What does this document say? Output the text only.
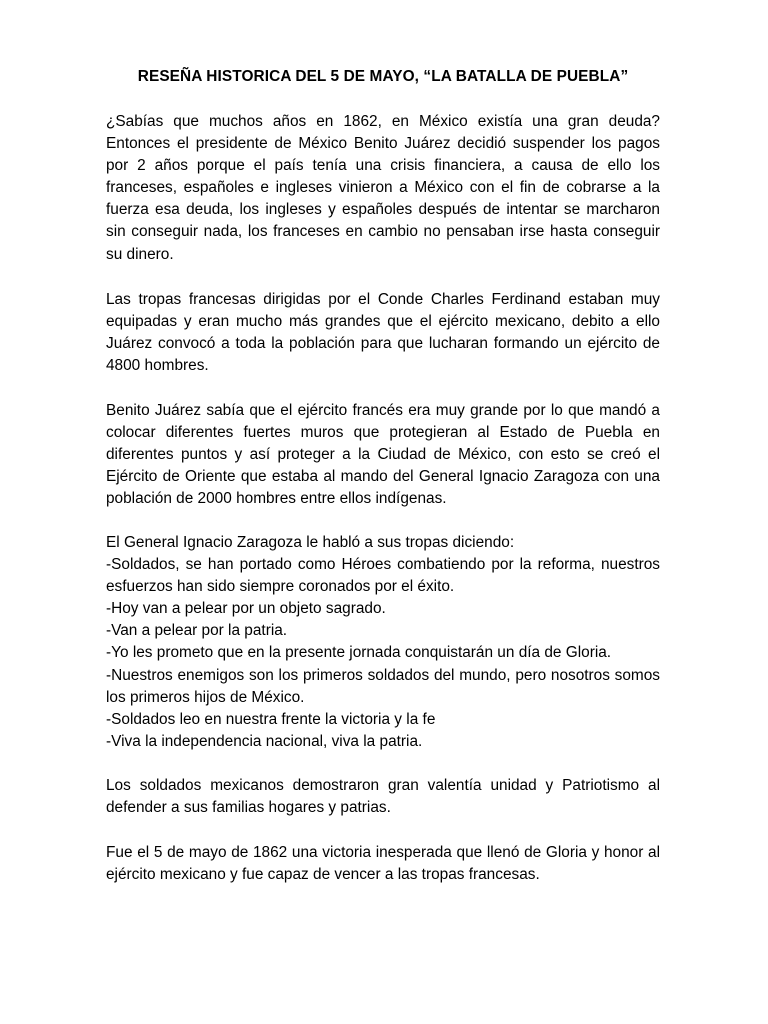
RESEÑA HISTORICA DEL 5 DE MAYO, “LA BATALLA DE PUEBLA”

¿Sabías que muchos años en 1862, en México existía una gran deuda? Entonces el presidente de México Benito Juárez decidió suspender los pagos por 2 años porque el país tenía una crisis financiera, a causa de ello los franceses, españoles e ingleses vinieron a México con el fin de cobrarse a la fuerza esa deuda, los ingleses y españoles después de intentar se marcharon sin conseguir nada, los franceses en cambio no pensaban irse hasta conseguir su dinero.

Las tropas francesas dirigidas por el Conde Charles Ferdinand estaban muy equipadas y eran mucho más grandes que el ejército mexicano, debito a ello Juárez convocó a toda la población para que lucharan formando un ejército de 4800 hombres.

Benito Juárez sabía que el ejército francés era muy grande por lo que mandó a colocar diferentes fuertes muros que protegieran al Estado de Puebla en diferentes puntos y así proteger a la Ciudad de México, con esto se creó el Ejército de Oriente que estaba al mando del General Ignacio Zaragoza con una población de 2000 hombres entre ellos indígenas.

El General Ignacio Zaragoza le habló a sus tropas diciendo:
-Soldados, se han portado como Héroes combatiendo por la reforma, nuestros esfuerzos han sido siempre coronados por el éxito.
-Hoy van a pelear por un objeto sagrado.
-Van a pelear por la patria.
-Yo les prometo que en la presente jornada conquistarán un día de Gloria.
-Nuestros enemigos son los primeros soldados del mundo, pero nosotros somos los primeros hijos de México.
-Soldados leo en nuestra frente la victoria y la fe
-Viva la independencia nacional, viva la patria.

Los soldados mexicanos demostraron gran valentía unidad y Patriotismo al defender a sus familias hogares y patrias.

Fue el 5 de mayo de 1862 una victoria inesperada que llenó de Gloria y honor al ejército mexicano y fue capaz de vencer a las tropas francesas.
